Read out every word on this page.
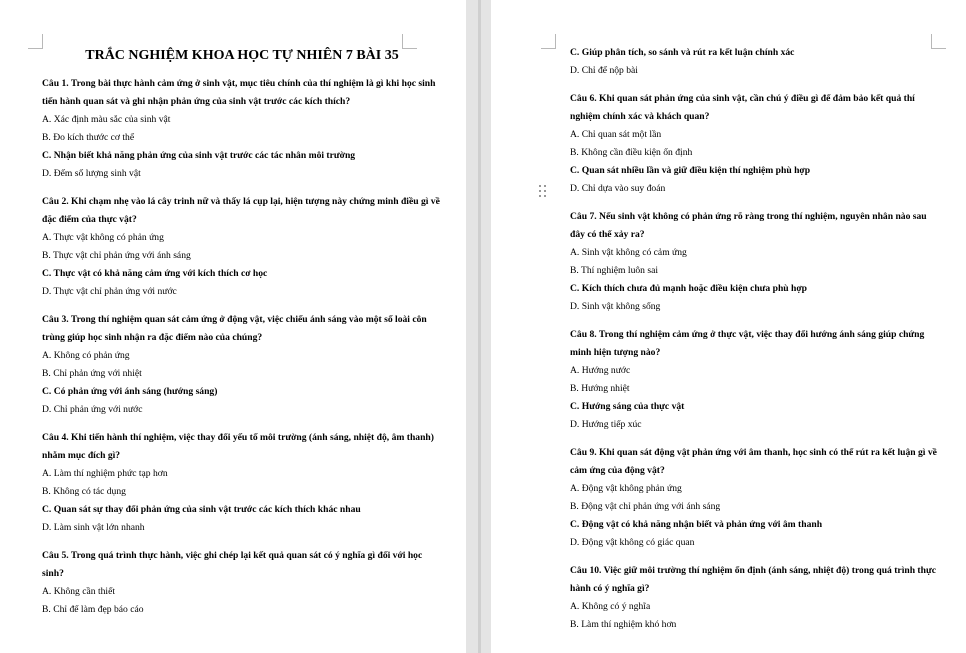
TRẮC NGHIỆM KHOA HỌC TỰ NHIÊN 7 BÀI 35

Câu 1. Trong bài thực hành cảm ứng ở sinh vật, mục tiêu chính của thí nghiệm là gì khi học sinh tiến hành quan sát và ghi nhận phản ứng của sinh vật trước các kích thích?

A. Xác định màu sắc của sinh vật

B. Đo kích thước cơ thể

C. Nhận biết khả năng phản ứng của sinh vật trước các tác nhân môi trường

D. Đếm số lượng sinh vật

Câu 2. Khi chạm nhẹ vào lá cây trinh nữ và thấy lá cụp lại, hiện tượng này chứng minh điều gì về đặc điểm của thực vật?

A. Thực vật không có phản ứng

B. Thực vật chỉ phản ứng với ánh sáng

C. Thực vật có khả năng cảm ứng với kích thích cơ học

D. Thực vật chỉ phản ứng với nước

Câu 3. Trong thí nghiệm quan sát cảm ứng ở động vật, việc chiếu ánh sáng vào một số loài côn trùng giúp học sinh nhận ra đặc điểm nào của chúng?

A. Không có phản ứng

B. Chỉ phản ứng với nhiệt

C. Có phản ứng với ánh sáng (hướng sáng)

D. Chỉ phản ứng với nước

Câu 4. Khi tiến hành thí nghiệm, việc thay đổi yếu tố môi trường (ánh sáng, nhiệt độ, âm thanh) nhằm mục đích gì?

A. Làm thí nghiệm phức tạp hơn

B. Không có tác dụng

C. Quan sát sự thay đổi phản ứng của sinh vật trước các kích thích khác nhau

D. Làm sinh vật lớn nhanh

Câu 5. Trong quá trình thực hành, việc ghi chép lại kết quả quan sát có ý nghĩa gì đối với học sinh?

A. Không cần thiết

B. Chỉ để làm đẹp báo cáo

C. Giúp phân tích, so sánh và rút ra kết luận chính xác

D. Chỉ để nộp bài

Câu 6. Khi quan sát phản ứng của sinh vật, cần chú ý điều gì để đảm bảo kết quả thí nghiệm chính xác và khách quan?

A. Chỉ quan sát một lần

B. Không cần điều kiện ổn định

C. Quan sát nhiều lần và giữ điều kiện thí nghiệm phù hợp

D. Chỉ dựa vào suy đoán

Câu 7. Nếu sinh vật không có phản ứng rõ ràng trong thí nghiệm, nguyên nhân nào sau đây có thể xảy ra?

A. Sinh vật không có cảm ứng

B. Thí nghiệm luôn sai

C. Kích thích chưa đủ mạnh hoặc điều kiện chưa phù hợp

D. Sinh vật không sống

Câu 8. Trong thí nghiệm cảm ứng ở thực vật, việc thay đổi hướng ánh sáng giúp chứng minh hiện tượng nào?

A. Hướng nước

B. Hướng nhiệt

C. Hướng sáng của thực vật

D. Hướng tiếp xúc

Câu 9. Khi quan sát động vật phản ứng với âm thanh, học sinh có thể rút ra kết luận gì về cảm ứng của động vật?

A. Động vật không phản ứng

B. Động vật chỉ phản ứng với ánh sáng

C. Động vật có khả năng nhận biết và phản ứng với âm thanh

D. Động vật không có giác quan

Câu 10. Việc giữ môi trường thí nghiệm ổn định (ánh sáng, nhiệt độ) trong quá trình thực hành có ý nghĩa gì?

A. Không có ý nghĩa

B. Làm thí nghiệm khó hơn
